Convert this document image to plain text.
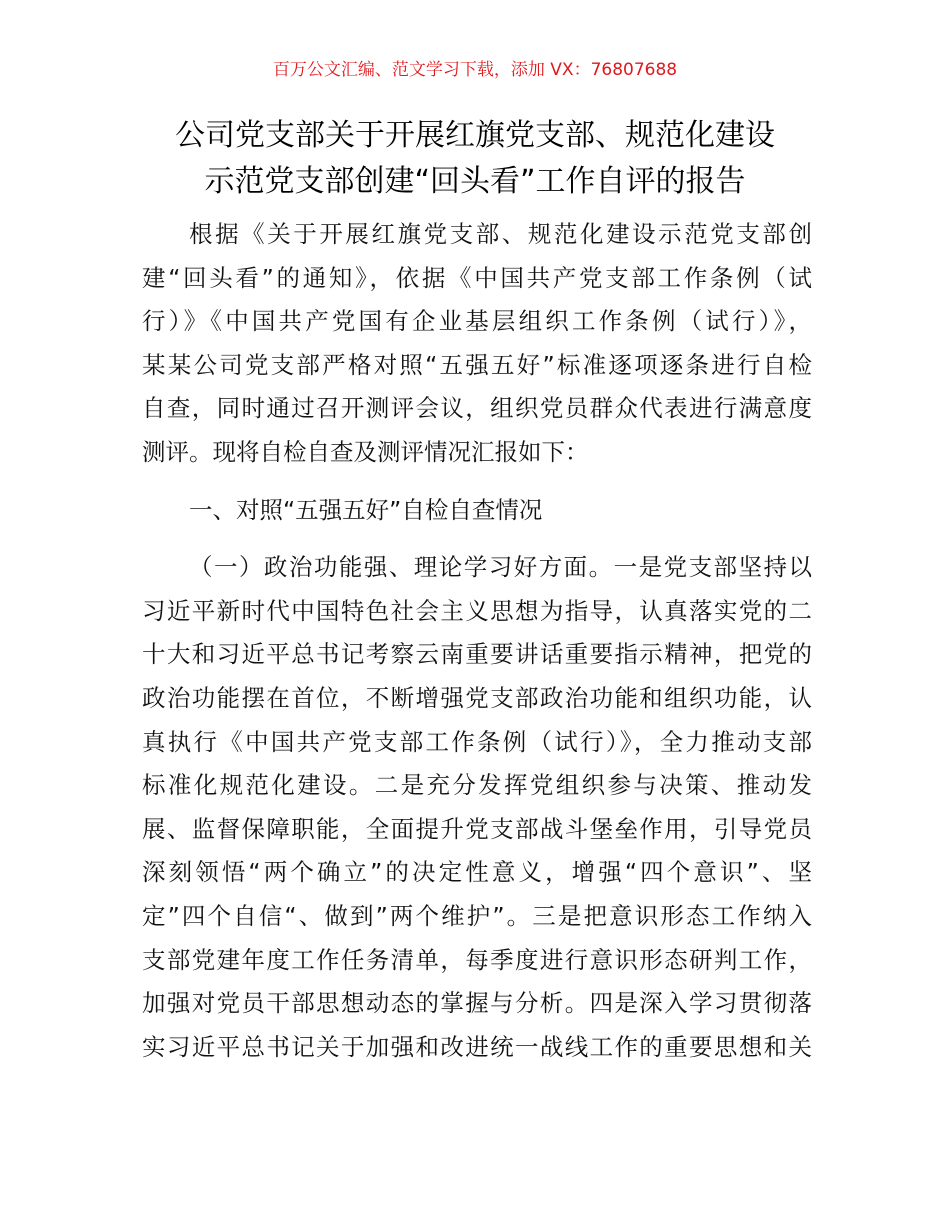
百万公文汇编、范文学习下载，添加 VX：76807688
公司党支部关于开展红旗党支部、规范化建设
示范党支部创建“回头看”工作自评的报告
根据《关于开展红旗党支部、规范化建设示范党支部创
建“回头看”的通知》，依据《中国共产党支部工作条例（试
行）》《中国共产党国有企业基层组织工作条例（试行）》，
某某公司党支部严格对照“五强五好”标准逐项逐条进行自检
自查，同时通过召开测评会议，组织党员群众代表进行满意度
测评。现将自检自查及测评情况汇报如下：
一、对照“五强五好”自检自查情况
（一）政治功能强、理论学习好方面。一是党支部坚持以
习近平新时代中国特色社会主义思想为指导，认真落实党的二
十大和习近平总书记考察云南重要讲话重要指示精神，把党的
政治功能摆在首位，不断增强党支部政治功能和组织功能，认
真执行《中国共产党支部工作条例（试行）》，全力推动支部
标准化规范化建设。二是充分发挥党组织参与决策、推动发
展、监督保障职能，全面提升党支部战斗堡垒作用，引导党员
深刻领悟“两个确立”的决定性意义，增强“四个意识”、坚
定”四个自信“、做到”两个维护”。三是把意识形态工作纳入
支部党建年度工作任务清单，每季度进行意识形态研判工作，
加强对党员干部思想动态的掌握与分析。四是深入学习贯彻落
实习近平总书记关于加强和改进统一战线工作的重要思想和关
